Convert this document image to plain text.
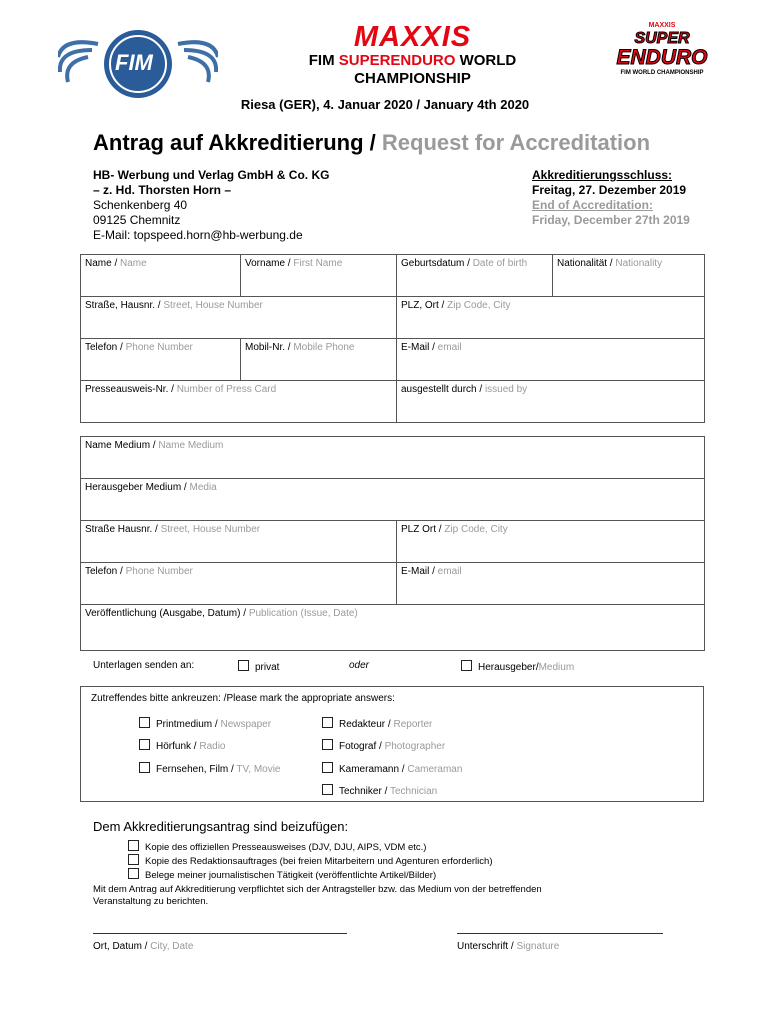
FIM
MAXXIS
FIM SUPERENDURO WORLD
CHAMPIONSHIP
MAXXIS
SUPER
ENDURO
FIM WORLD CHAMPIONSHIP
Riesa (GER), 4. Januar 2020 / January 4th 2020
Antrag auf Akkreditierung / Request for Accreditation
HB- Werbung und Verlag GmbH & Co. KG
– z. Hd. Thorsten Horn –
Schenkenberg 40
09125 Chemnitz
E-Mail: topspeed.horn@hb-werbung.de
Akkreditierungsschluss:
Freitag, 27. Dezember 2019
End of Accreditation:
Friday, December 27th 2019
Name / Name	Vorname / First Name	Geburtsdatum / Date of birth	Nationalität / Nationality
Straße, Hausnr. / Street, House Number	PLZ, Ort / Zip Code, City
Telefon / Phone Number	Mobil-Nr. / Mobile Phone	E-Mail / email
Presseausweis-Nr. / Number of Press Card	ausgestellt durch / issued by
Name Medium / Name Medium
Herausgeber Medium / Media
Straße Hausnr. / Street, House Number	PLZ Ort / Zip Code, City
Telefon / Phone Number	E-Mail / email
Veröffentlichung (Ausgabe, Datum) / Publication (Issue, Date)
Unterlagen senden an:	privat	oder	Herausgeber/Medium
Zutreffendes bitte ankreuzen: /Please mark the appropriate answers:
Printmedium / Newspaper	Redakteur / Reporter
Hörfunk / Radio	Fotograf / Photographer
Fernsehen, Film / TV, Movie	Kameramann / Cameraman
Techniker / Technician
Dem Akkreditierungsantrag sind beizufügen:
Kopie des offiziellen Presseausweises (DJV, DJU, AIPS, VDM etc.)
Kopie des Redaktionsauftrages (bei freien Mitarbeitern und Agenturen erforderlich)
Belege meiner journalistischen Tätigkeit (veröffentlichte Artikel/Bilder)
Mit dem Antrag auf Akkreditierung verpflichtet sich der Antragsteller bzw. das Medium von der betreffenden
Veranstaltung zu berichten.
Ort, Datum / City, Date	Unterschrift / Signature
